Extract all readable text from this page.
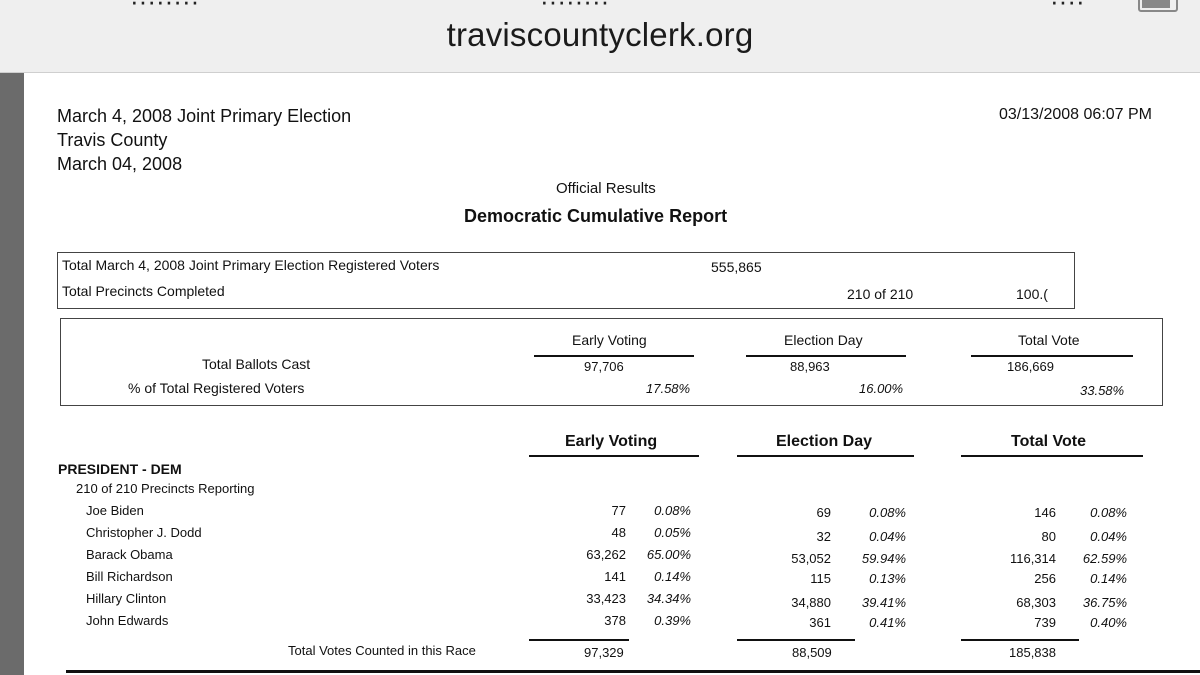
········	········	····
traviscountyclerk.org
March 4, 2008 Joint Primary Election
Travis County
March 04, 2008
03/13/2008 06:07 PM
Official Results
Democratic Cumulative Report
Total March 4, 2008 Joint Primary Election Registered Voters	555,865
Total Precincts Completed	210 of 210	100.(
Early Voting	Election Day	Total Vote
Total Ballots Cast	97,706	88,963	186,669
% of Total Registered Voters	17.58%	16.00%	33.58%
Early Voting	Election Day	Total Vote
PRESIDENT - DEM
210 of 210 Precincts Reporting
Joe Biden	77	0.08%	69	0.08%	146	0.08%
Christopher J. Dodd	48	0.05%	32	0.04%	80	0.04%
Barack Obama	63,262	65.00%	53,052	59.94%	116,314	62.59%
Bill Richardson	141	0.14%	115	0.13%	256	0.14%
Hillary Clinton	33,423	34.34%	34,880	39.41%	68,303	36.75%
John Edwards	378	0.39%	361	0.41%	739	0.40%
Total Votes Counted in this Race	97,329	88,509	185,838
